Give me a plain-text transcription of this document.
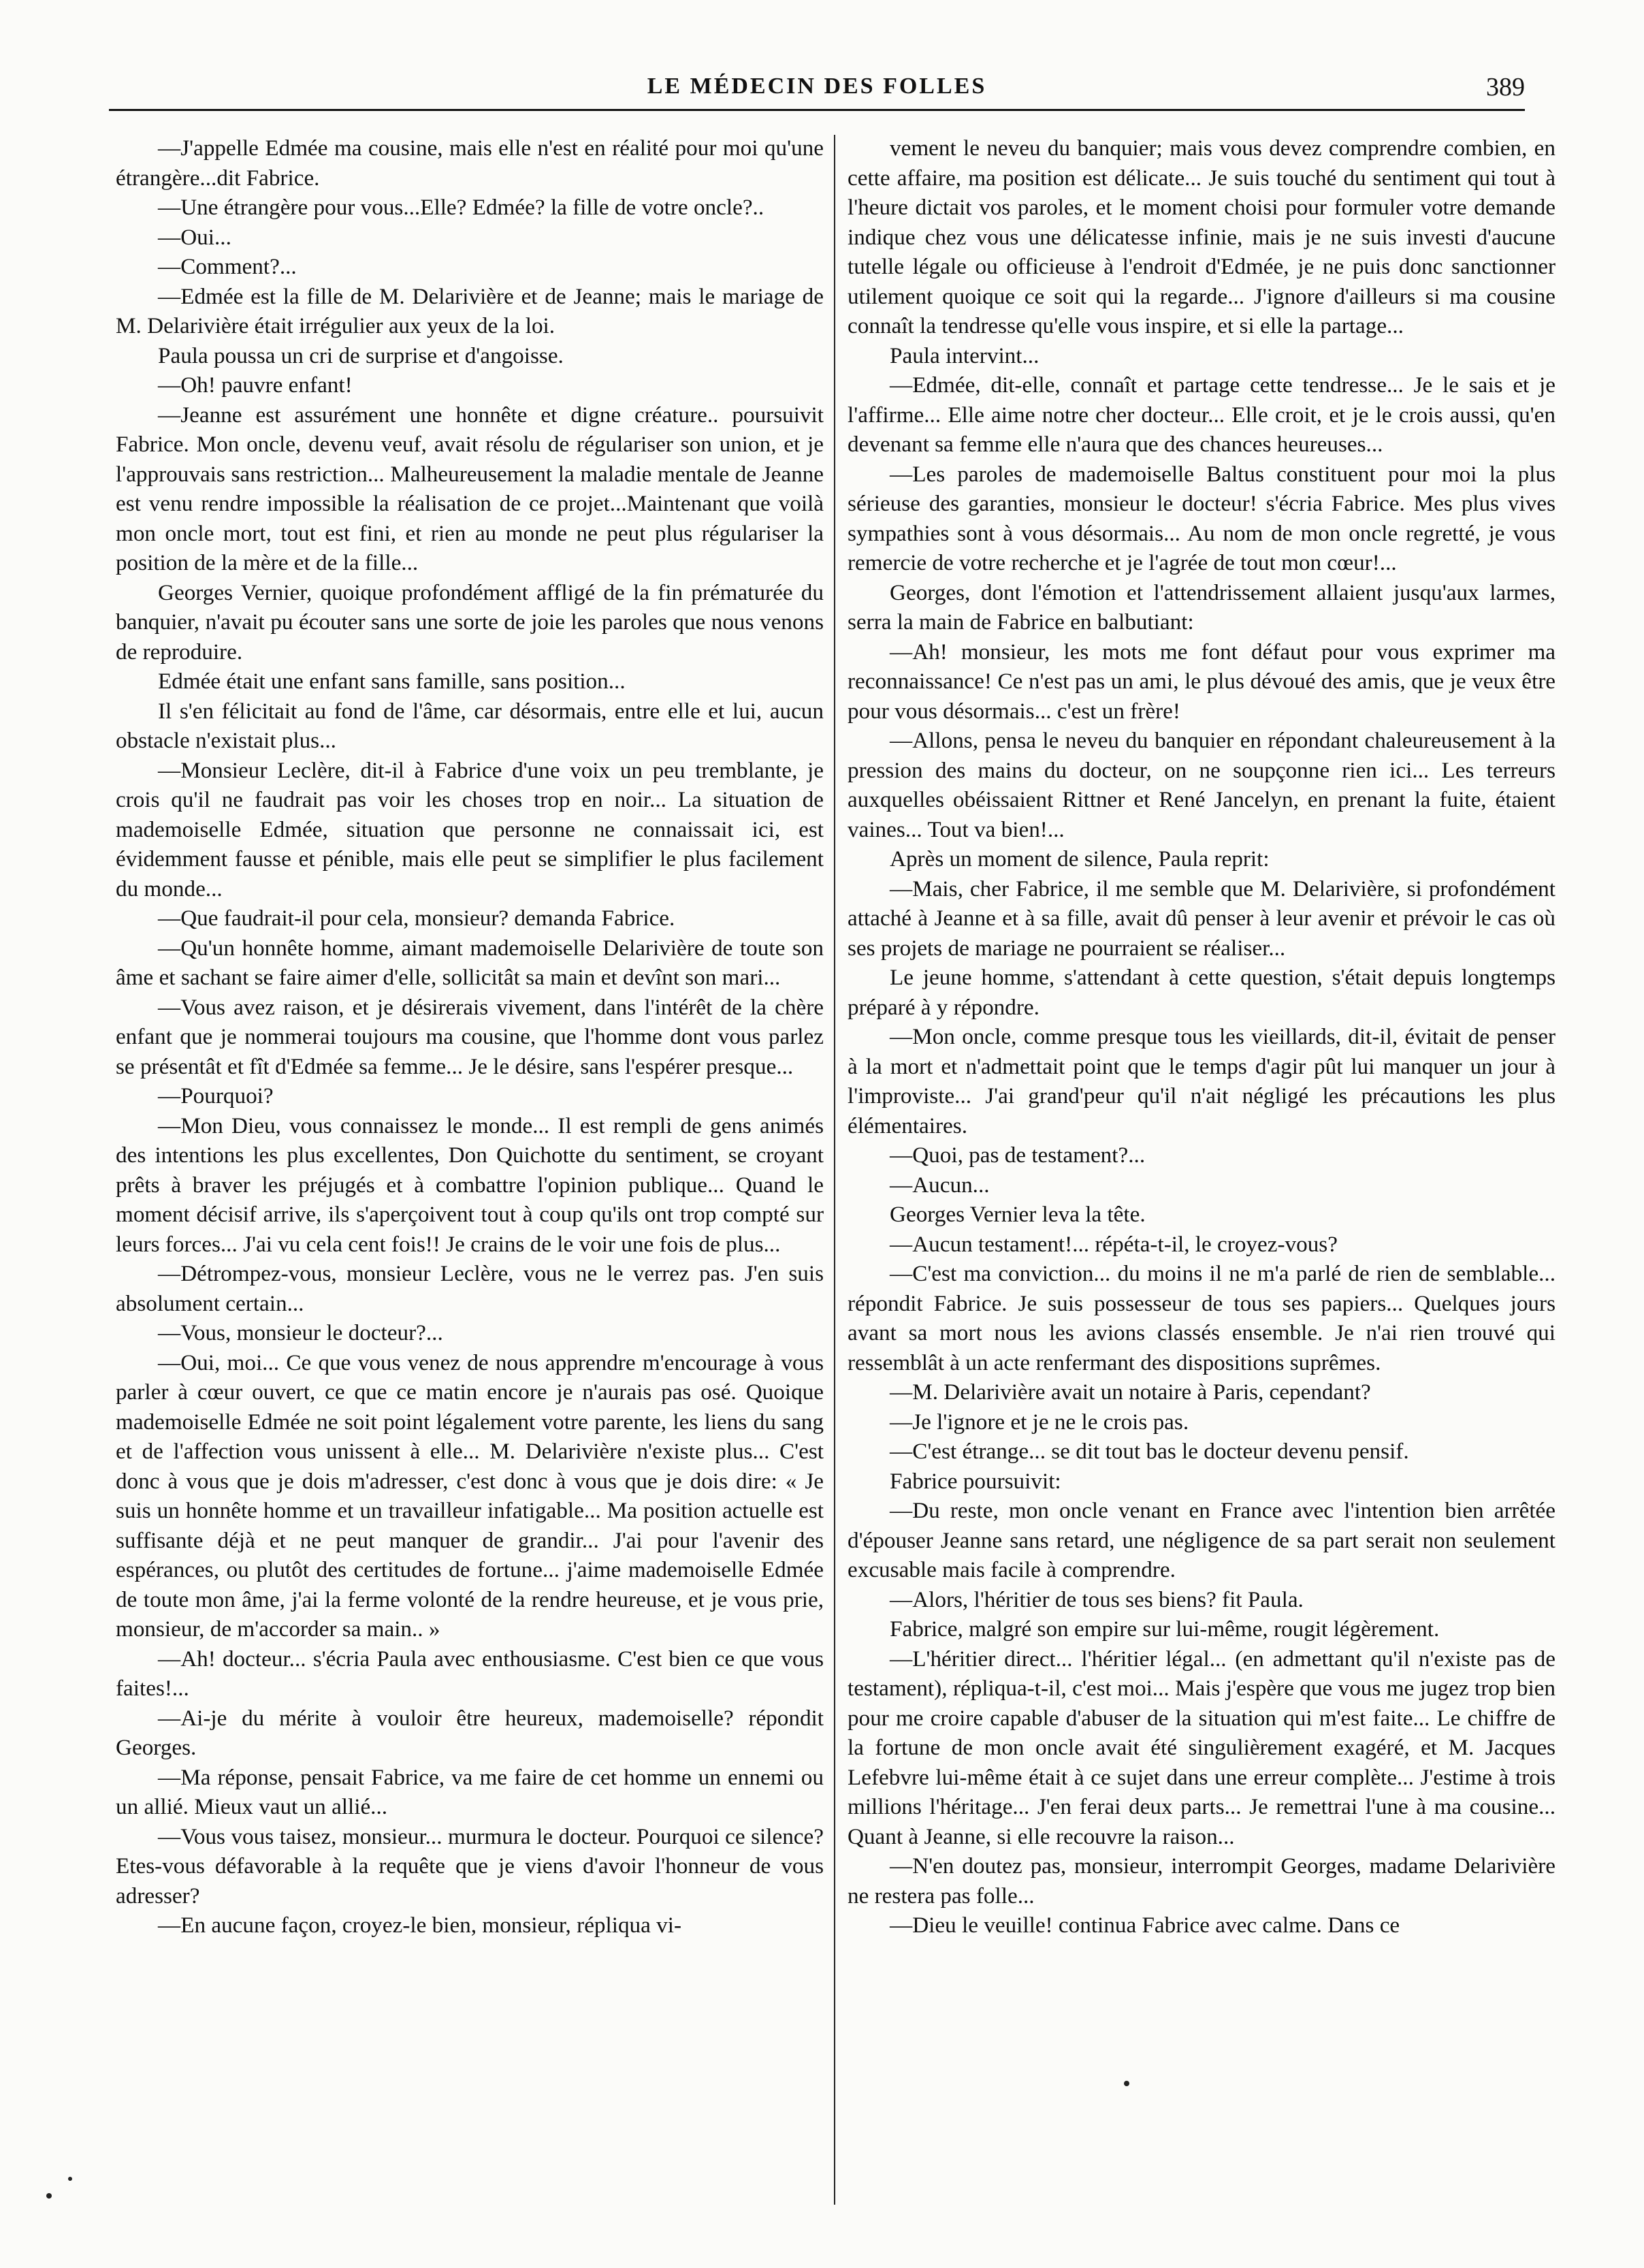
LE MÉDECIN DES FOLLES	389

—J'appelle Edmée ma cousine, mais elle n'est en réalité pour moi qu'une étrangère...dit Fabrice.

—Une étrangère pour vous...Elle? Edmée? la fille de votre oncle?..

—Oui...

—Comment?...

—Edmée est la fille de M. Delarivière et de Jeanne; mais le mariage de M. Delarivière était irrégulier aux yeux de la loi.

Paula poussa un cri de surprise et d'angoisse.

—Oh! pauvre enfant!

—Jeanne est assurément une honnête et digne créature.. poursuivit Fabrice. Mon oncle, devenu veuf, avait résolu de régulariser son union, et je l'approuvais sans restriction... Malheureusement la maladie mentale de Jeanne est venu rendre impossible la réalisation de ce projet...Maintenant que voilà mon oncle mort, tout est fini, et rien au monde ne peut plus régulariser la position de la mère et de la fille...

Georges Vernier, quoique profondément affligé de la fin prématurée du banquier, n'avait pu écouter sans une sorte de joie les paroles que nous venons de reproduire.

Edmée était une enfant sans famille, sans position...

Il s'en félicitait au fond de l'âme, car désormais, entre elle et lui, aucun obstacle n'existait plus...

—Monsieur Leclère, dit-il à Fabrice d'une voix un peu tremblante, je crois qu'il ne faudrait pas voir les choses trop en noir... La situation de mademoiselle Edmée, situation que personne ne connaissait ici, est évidemment fausse et pénible, mais elle peut se simplifier le plus facilement du monde...

—Que faudrait-il pour cela, monsieur? demanda Fabrice.

—Qu'un honnête homme, aimant mademoiselle Delarivière de toute son âme et sachant se faire aimer d'elle, sollicitât sa main et devînt son mari...

—Vous avez raison, et je désirerais vivement, dans l'intérêt de la chère enfant que je nommerai toujours ma cousine, que l'homme dont vous parlez se présentât et fît d'Edmée sa femme... Je le désire, sans l'espérer presque...

—Pourquoi?

—Mon Dieu, vous connaissez le monde... Il est rempli de gens animés des intentions les plus excellentes, Don Quichotte du sentiment, se croyant prêts à braver les préjugés et à combattre l'opinion publique... Quand le moment décisif arrive, ils s'aperçoivent tout à coup qu'ils ont trop compté sur leurs forces... J'ai vu cela cent fois!! Je crains de le voir une fois de plus...

—Détrompez-vous, monsieur Leclère, vous ne le verrez pas. J'en suis absolument certain...

—Vous, monsieur le docteur?...

—Oui, moi... Ce que vous venez de nous apprendre m'encourage à vous parler à cœur ouvert, ce que ce matin encore je n'aurais pas osé. Quoique mademoiselle Edmée ne soit point légalement votre parente, les liens du sang et de l'affection vous unissent à elle... M. Delarivière n'existe plus... C'est donc à vous que je dois m'adresser, c'est donc à vous que je dois dire: « Je suis un honnête homme et un travailleur infatigable... Ma position actuelle est suffisante déjà et ne peut manquer de grandir... J'ai pour l'avenir des espérances, ou plutôt des certitudes de fortune... j'aime mademoiselle Edmée de toute mon âme, j'ai la ferme volonté de la rendre heureuse, et je vous prie, monsieur, de m'accorder sa main.. »

—Ah! docteur... s'écria Paula avec enthousiasme. C'est bien ce que vous faites!...

—Ai-je du mérite à vouloir être heureux, mademoiselle? répondit Georges.

—Ma réponse, pensait Fabrice, va me faire de cet homme un ennemi ou un allié. Mieux vaut un allié...

—Vous vous taisez, monsieur... murmura le docteur. Pourquoi ce silence? Etes-vous défavorable à la requête que je viens d'avoir l'honneur de vous adresser?

—En aucune façon, croyez-le bien, monsieur, répliqua vi-

vement le neveu du banquier; mais vous devez comprendre combien, en cette affaire, ma position est délicate... Je suis touché du sentiment qui tout à l'heure dictait vos paroles, et le moment choisi pour formuler votre demande indique chez vous une délicatesse infinie, mais je ne suis investi d'aucune tutelle légale ou officieuse à l'endroit d'Edmée, je ne puis donc sanctionner utilement quoique ce soit qui la regarde... J'ignore d'ailleurs si ma cousine connaît la tendresse qu'elle vous inspire, et si elle la partage...

Paula intervint...

—Edmée, dit-elle, connaît et partage cette tendresse... Je le sais et je l'affirme... Elle aime notre cher docteur... Elle croit, et je le crois aussi, qu'en devenant sa femme elle n'aura que des chances heureuses...

—Les paroles de mademoiselle Baltus constituent pour moi la plus sérieuse des garanties, monsieur le docteur! s'écria Fabrice. Mes plus vives sympathies sont à vous désormais... Au nom de mon oncle regretté, je vous remercie de votre recherche et je l'agrée de tout mon cœur!...

Georges, dont l'émotion et l'attendrissement allaient jusqu'aux larmes, serra la main de Fabrice en balbutiant:

—Ah! monsieur, les mots me font défaut pour vous exprimer ma reconnaissance! Ce n'est pas un ami, le plus dévoué des amis, que je veux être pour vous désormais... c'est un frère!

—Allons, pensa le neveu du banquier en répondant chaleureusement à la pression des mains du docteur, on ne soupçonne rien ici... Les terreurs auxquelles obéissaient Rittner et René Jancelyn, en prenant la fuite, étaient vaines... Tout va bien!...

Après un moment de silence, Paula reprit:

—Mais, cher Fabrice, il me semble que M. Delarivière, si profondément attaché à Jeanne et à sa fille, avait dû penser à leur avenir et prévoir le cas où ses projets de mariage ne pourraient se réaliser...

Le jeune homme, s'attendant à cette question, s'était depuis longtemps préparé à y répondre.

—Mon oncle, comme presque tous les vieillards, dit-il, évitait de penser à la mort et n'admettait point que le temps d'agir pût lui manquer un jour à l'improviste... J'ai grand'peur qu'il n'ait négligé les précautions les plus élémentaires.

—Quoi, pas de testament?...

—Aucun...

Georges Vernier leva la tête.

—Aucun testament!... répéta-t-il, le croyez-vous?

—C'est ma conviction... du moins il ne m'a parlé de rien de semblable... répondit Fabrice. Je suis possesseur de tous ses papiers... Quelques jours avant sa mort nous les avions classés ensemble. Je n'ai rien trouvé qui ressemblât à un acte renfermant des dispositions suprêmes.

—M. Delarivière avait un notaire à Paris, cependant?

—Je l'ignore et je ne le crois pas.

—C'est étrange... se dit tout bas le docteur devenu pensif.

Fabrice poursuivit:

—Du reste, mon oncle venant en France avec l'intention bien arrêtée d'épouser Jeanne sans retard, une négligence de sa part serait non seulement excusable mais facile à comprendre.

—Alors, l'héritier de tous ses biens? fit Paula.

Fabrice, malgré son empire sur lui-même, rougit légèrement.

—L'héritier direct... l'héritier légal... (en admettant qu'il n'existe pas de testament), répliqua-t-il, c'est moi... Mais j'espère que vous me jugez trop bien pour me croire capable d'abuser de la situation qui m'est faite... Le chiffre de la fortune de mon oncle avait été singulièrement exagéré, et M. Jacques Lefebvre lui-même était à ce sujet dans une erreur complète... J'estime à trois millions l'héritage... J'en ferai deux parts... Je remettrai l'une à ma cousine... Quant à Jeanne, si elle recouvre la raison...

—N'en doutez pas, monsieur, interrompit Georges, madame Delarivière ne restera pas folle...

—Dieu le veuille! continua Fabrice avec calme. Dans ce
